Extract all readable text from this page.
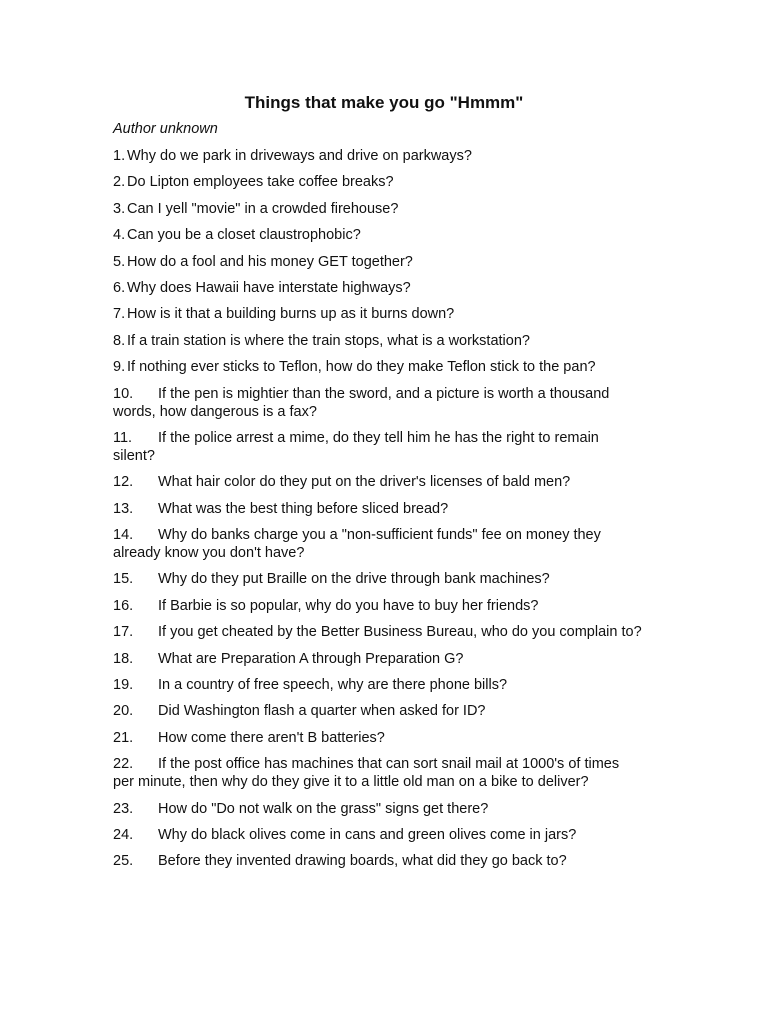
Things that make you go "Hmmm"
Author unknown
1. Why do we park in driveways and drive on parkways?
2. Do Lipton employees take coffee breaks?
3. Can I yell "movie" in a crowded firehouse?
4. Can you be a closet claustrophobic?
5. How do a fool and his money GET together?
6. Why does Hawaii have interstate highways?
7. How is it that a building burns up as it burns down?
8. If a train station is where the train stops, what is a workstation?
9. If nothing ever sticks to Teflon, how do they make Teflon stick to the pan?
10. If the pen is mightier than the sword, and a picture is worth a thousand words, how dangerous is a fax?
11. If the police arrest a mime, do they tell him he has the right to remain silent?
12. What hair color do they put on the driver's licenses of bald men?
13. What was the best thing before sliced bread?
14. Why do banks charge you a "non-sufficient funds" fee on money they already know you don't have?
15. Why do they put Braille on the drive through bank machines?
16. If Barbie is so popular, why do you have to buy her friends?
17. If you get cheated by the Better Business Bureau, who do you complain to?
18. What are Preparation A through Preparation G?
19. In a country of free speech, why are there phone bills?
20. Did Washington flash a quarter when asked for ID?
21. How come there aren't B batteries?
22. If the post office has machines that can sort snail mail at 1000's of times per minute, then why do they give it to a little old man on a bike to deliver?
23. How do "Do not walk on the grass" signs get there?
24. Why do black olives come in cans and green olives come in jars?
25. Before they invented drawing boards, what did they go back to?
